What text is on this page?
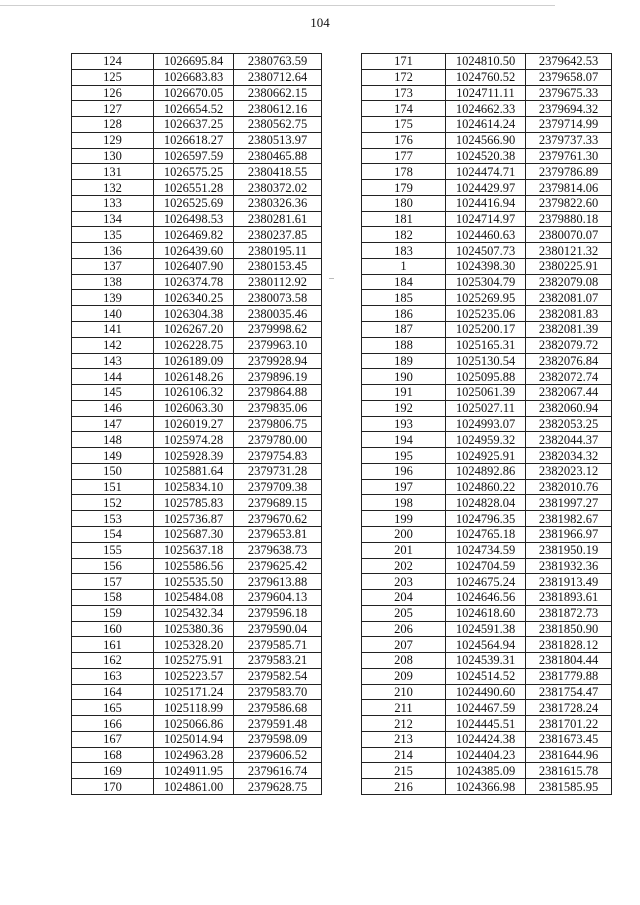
104
124	1026695.84	2380763.59
125	1026683.83	2380712.64
126	1026670.05	2380662.15
127	1026654.52	2380612.16
128	1026637.25	2380562.75
129	1026618.27	2380513.97
130	1026597.59	2380465.88
131	1026575.25	2380418.55
132	1026551.28	2380372.02
133	1026525.69	2380326.36
134	1026498.53	2380281.61
135	1026469.82	2380237.85
136	1026439.60	2380195.11
137	1026407.90	2380153.45
138	1026374.78	2380112.92
139	1026340.25	2380073.58
140	1026304.38	2380035.46
141	1026267.20	2379998.62
142	1026228.75	2379963.10
143	1026189.09	2379928.94
144	1026148.26	2379896.19
145	1026106.32	2379864.88
146	1026063.30	2379835.06
147	1026019.27	2379806.75
148	1025974.28	2379780.00
149	1025928.39	2379754.83
150	1025881.64	2379731.28
151	1025834.10	2379709.38
152	1025785.83	2379689.15
153	1025736.87	2379670.62
154	1025687.30	2379653.81
155	1025637.18	2379638.73
156	1025586.56	2379625.42
157	1025535.50	2379613.88
158	1025484.08	2379604.13
159	1025432.34	2379596.18
160	1025380.36	2379590.04
161	1025328.20	2379585.71
162	1025275.91	2379583.21
163	1025223.57	2379582.54
164	1025171.24	2379583.70
165	1025118.99	2379586.68
166	1025066.86	2379591.48
167	1025014.94	2379598.09
168	1024963.28	2379606.52
169	1024911.95	2379616.74
170	1024861.00	2379628.75
171	1024810.50	2379642.53
172	1024760.52	2379658.07
173	1024711.11	2379675.33
174	1024662.33	2379694.32
175	1024614.24	2379714.99
176	1024566.90	2379737.33
177	1024520.38	2379761.30
178	1024474.71	2379786.89
179	1024429.97	2379814.06
180	1024416.94	2379822.60
181	1024714.97	2379880.18
182	1024460.63	2380070.07
183	1024507.73	2380121.32
1	1024398.30	2380225.91
184	1025304.79	2382079.08
185	1025269.95	2382081.07
186	1025235.06	2382081.83
187	1025200.17	2382081.39
188	1025165.31	2382079.72
189	1025130.54	2382076.84
190	1025095.88	2382072.74
191	1025061.39	2382067.44
192	1025027.11	2382060.94
193	1024993.07	2382053.25
194	1024959.32	2382044.37
195	1024925.91	2382034.32
196	1024892.86	2382023.12
197	1024860.22	2382010.76
198	1024828.04	2381997.27
199	1024796.35	2381982.67
200	1024765.18	2381966.97
201	1024734.59	2381950.19
202	1024704.59	2381932.36
203	1024675.24	2381913.49
204	1024646.56	2381893.61
205	1024618.60	2381872.73
206	1024591.38	2381850.90
207	1024564.94	2381828.12
208	1024539.31	2381804.44
209	1024514.52	2381779.88
210	1024490.60	2381754.47
211	1024467.59	2381728.24
212	1024445.51	2381701.22
213	1024424.38	2381673.45
214	1024404.23	2381644.96
215	1024385.09	2381615.78
216	1024366.98	2381585.95
